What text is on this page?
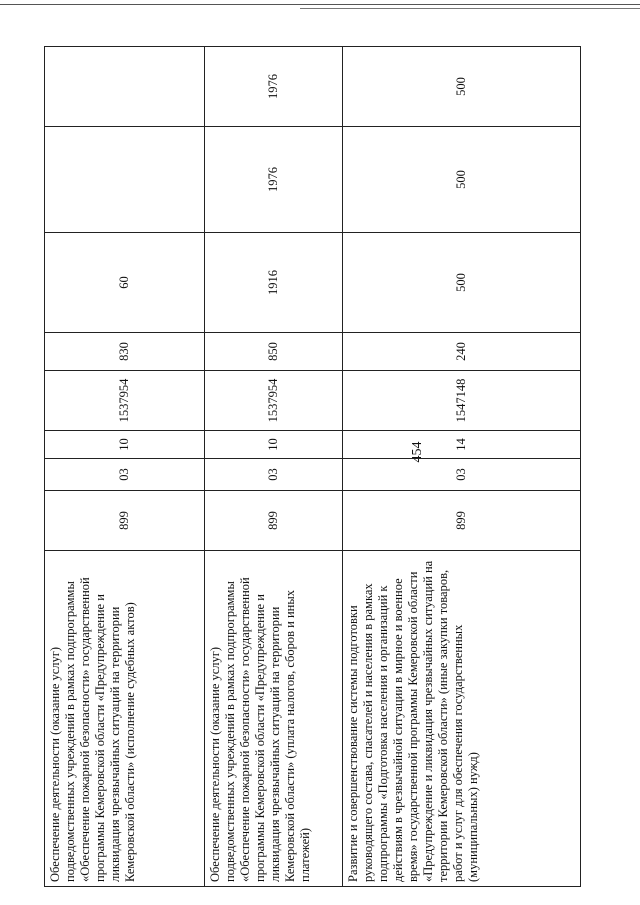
454
Обеспечение деятельности (оказание услуг) подведомственных учреждений в рамках подпрограммы «Обеспечение пожарной безопасности» государственной программы Кемеровской области «Предупреждение и ликвидация чрезвычайных ситуаций на территории Кемеровской области» (исполнение судебных актов)	899	03	10	1537954	830	60		
Обеспечение деятельности (оказание услуг) подведомственных учреждений в рамках подпрограммы «Обеспечение пожарной безопасности» государственной программы Кемеровской области «Предупреждение и ликвидация чрезвычайных ситуаций на территории Кемеровской области» (уплата налогов, сборов и иных платежей)	899	03	10	1537954	850	1916	1976	1976
Развитие и совершенствование системы подготовки руководящего состава, спасателей и населения в рамках подпрограммы «Подготовка населения и организаций к действиям в чрезвычайной ситуации в мирное и военное время» государственной программы Кемеровской области «Предупреждение и ликвидация чрезвычайных ситуаций на территории Кемеровской области» (иные закупки товаров, работ и услуг для обеспечения государственных (муниципальных) нужд)	899	03	14	1547148	240	500	500	500
